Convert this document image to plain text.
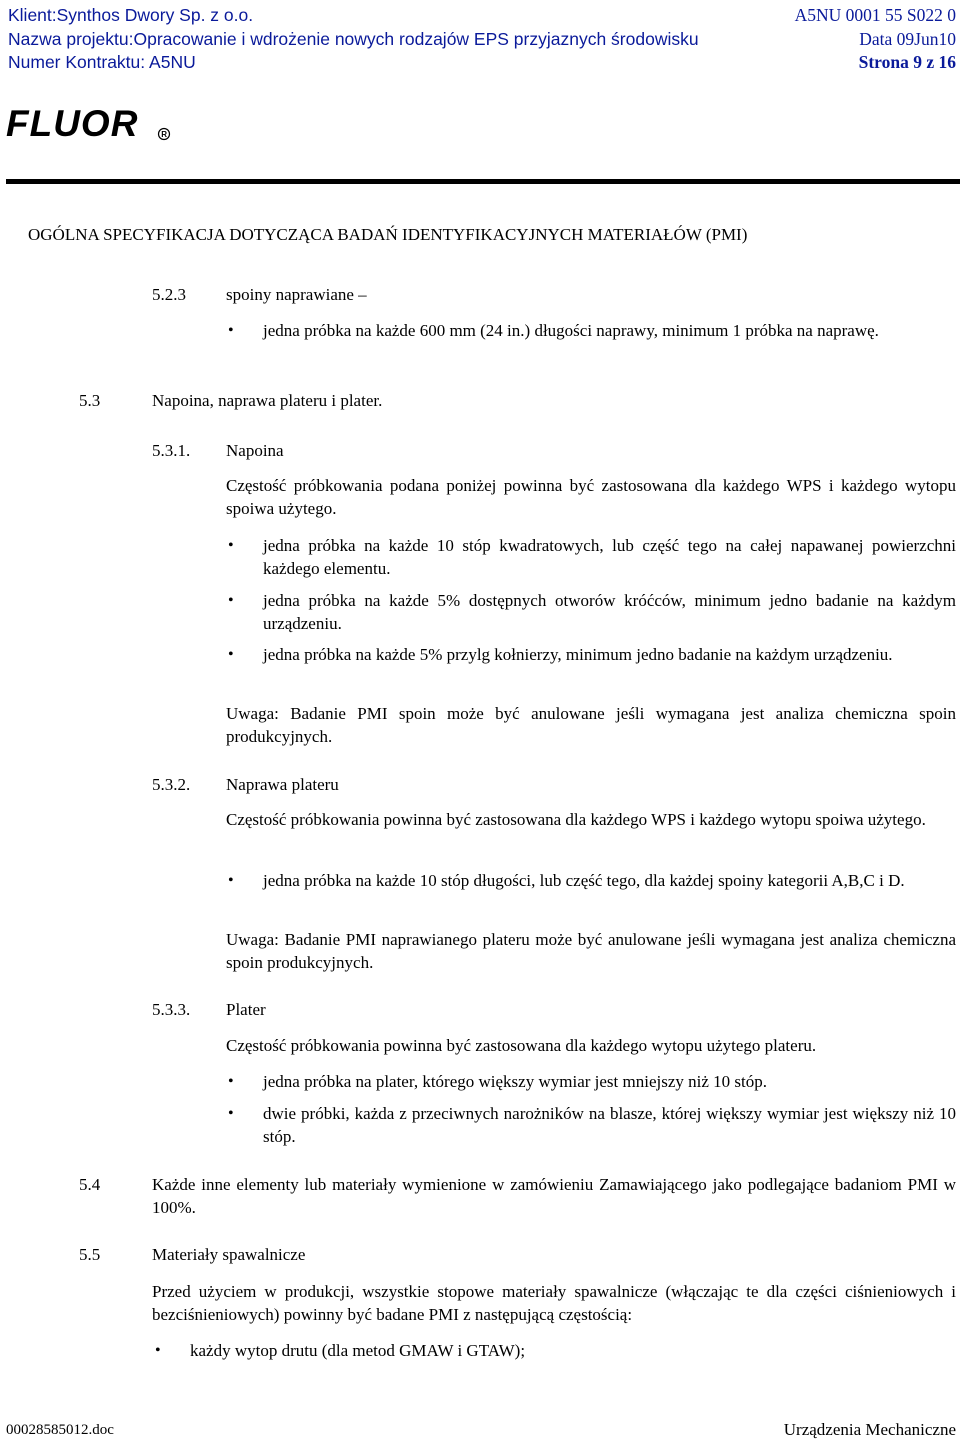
Klient:Synthos Dwory Sp. z o.o.	A5NU 0001 55 S022 0
Nazwa projektu:Opracowanie i wdrożenie nowych rodzajów EPS przyjaznych środowisku	Data 09Jun10
Numer Kontraktu: A5NU	Strona 9 z 16
FLUOR	R
OGÓLNA SPECYFIKACJA DOTYCZĄCA BADAŃ IDENTYFIKACYJNYCH MATERIAŁÓW (PMI)
5.2.3 spoiny naprawiane –
• jedna próbka na każde 600 mm (24 in.) długości naprawy, minimum 1 próbka na naprawę.
5.3	Napoina, naprawa plateru i plater.
5.3.1. Napoina
Częstość próbkowania podana poniżej powinna być zastosowana dla każdego WPS i każdego wytopu spoiwa użytego.
• jedna próbka na każde 10 stóp kwadratowych, lub część tego na całej napawanej powierzchni każdego elementu.
• jedna próbka na każde 5% dostępnych otworów króćców, minimum jedno badanie na każdym urządzeniu.
• jedna próbka na każde 5% przylg kołnierzy, minimum jedno badanie na każdym urządzeniu.
Uwaga: Badanie PMI spoin może być anulowane jeśli wymagana jest analiza chemiczna spoin produkcyjnych.
5.3.2. Naprawa plateru
Częstość próbkowania powinna być zastosowana dla każdego WPS i każdego wytopu spoiwa użytego.
• jedna próbka na każde 10 stóp długości, lub część tego, dla każdej spoiny kategorii A,B,C i D.
Uwaga: Badanie PMI naprawianego plateru może być anulowane jeśli wymagana jest analiza chemiczna spoin produkcyjnych.
5.3.3. Plater
Częstość próbkowania powinna być zastosowana dla każdego wytopu użytego plateru.
• jedna próbka na plater, którego większy wymiar jest mniejszy niż 10 stóp.
• dwie próbki, każda z przeciwnych narożników na blasze, której większy wymiar jest większy niż 10 stóp.
5.4	Każde inne elementy lub materiały wymienione w zamówieniu Zamawiającego jako podlegające badaniom PMI w 100%.
5.5	Materiały spawalnicze
Przed użyciem w produkcji, wszystkie stopowe materiały spawalnicze (włączając te dla części ciśnieniowych i bezciśnieniowych) powinny być badane PMI z następującą częstością:
• każdy wytop drutu (dla metod GMAW i GTAW);
00028585012.doc	Urządzenia Mechaniczne
